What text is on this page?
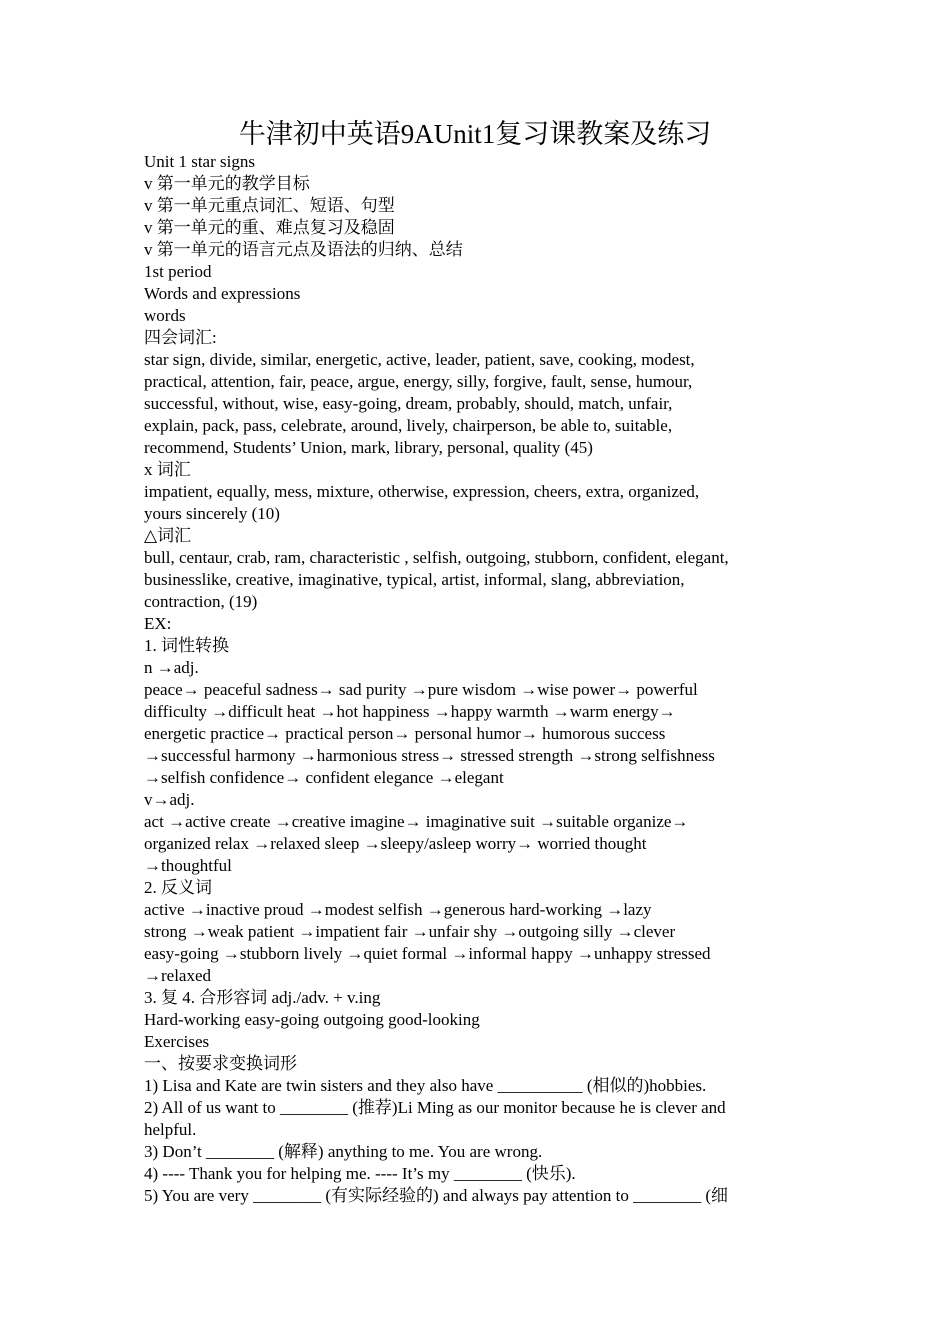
牛津初中英语9AUnit1复习课教案及练习
Unit 1 star signs
v 第一单元的教学目标
v 第一单元重点词汇、短语、句型
v 第一单元的重、难点复习及稳固
v 第一单元的语言元点及语法的归纳、总结
1st period
Words and expressions
words
四会词汇:
star sign, divide, similar, energetic, active, leader, patient, save, cooking, modest,
practical, attention, fair, peace, argue, energy, silly, forgive, fault, sense, humour,
successful, without, wise, easy-going, dream, probably, should, match, unfair,
explain, pack, pass, celebrate, around, lively, chairperson, be able to, suitable,
recommend, Students’ Union, mark, library, personal, quality (45)
x 词汇
impatient, equally, mess, mixture, otherwise, expression, cheers, extra, organized,
yours sincerely (10)
△词汇
bull, centaur, crab, ram, characteristic , selfish, outgoing, stubborn, confident, elegant,
businesslike, creative, imaginative, typical, artist, informal, slang, abbreviation,
contraction, (19)
EX:
1. 词性转换
n →adj.
peace→ peaceful sadness→ sad purity →pure wisdom →wise power→ powerful
difficulty →difficult heat →hot happiness →happy warmth →warm energy→
energetic practice→ practical person→ personal humor→ humorous success
→successful harmony →harmonious stress→ stressed strength →strong selfishness
→selfish confidence→ confident elegance →elegant
v→adj.
act →active create →creative imagine→ imaginative suit →suitable organize→
organized relax →relaxed sleep →sleepy/asleep worry→ worried thought
→thoughtful
2. 反义词
active →inactive proud →modest selfish →generous hard-working →lazy
strong →weak patient →impatient fair →unfair shy →outgoing silly →clever
easy-going →stubborn lively →quiet formal →informal happy →unhappy stressed
→relaxed
3. 复 4. 合形容词 adj./adv. + v.ing
Hard-working easy-going outgoing good-looking
Exercises
一、按要求变换词形
1) Lisa and Kate are twin sisters and they also have __________ (相似的)hobbies.
2) All of us want to ________ (推荐)Li Ming as our monitor because he is clever and
helpful.
3) Don’t ________ (解释) anything to me. You are wrong.
4) ---- Thank you for helping me. ---- It’s my ________ (快乐).
5) You are very ________ (有实际经验的) and always pay attention to ________ (细
